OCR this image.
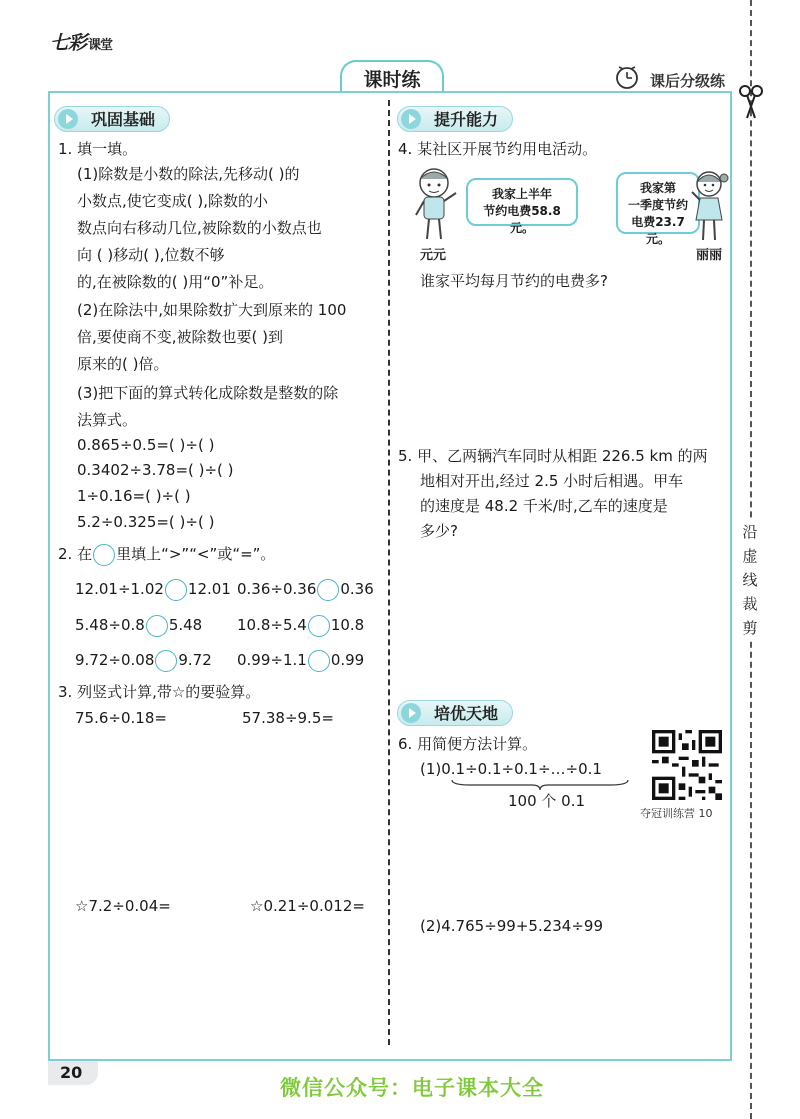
七彩 课堂
课时练	课后分级练
沿
虚
线
裁
剪
巩固基础
1. 填一填。
(1)除数是小数的除法,先移动( )的
小数点,使它变成( ),除数的小
数点向右移动几位,被除数的小数点也
向 ( )移动( ),位数不够
的,在被除数的( )用“0”补足。
(2)在除法中,如果除数扩大到原来的 100
倍,要使商不变,被除数也要( )到
原来的( )倍。
(3)把下面的算式转化成除数是整数的除
法算式。
0.865÷0.5=( )÷( )
0.3402÷3.78=( )÷( )
1÷0.16=( )÷( )
5.2÷0.325=( )÷( )
2. 在 里填上“>”“<”或“=”。
12.01÷1.02 12.01 0.36÷0.36 0.36
5.48÷0.8 5.48 10.8÷5.4 10.8
9.72÷0.08 9.72 0.99÷1.1 0.99
3. 列竖式计算,带☆的要验算。
75.6÷0.18=	57.38÷9.5=
☆7.2÷0.04=	☆0.21÷0.012=
提升能力
4. 某社区开展节约用电活动。
我家上半年
节约电费58.8元。
我家第
一季度节约
电费23.7元。
元元	丽丽
谁家平均每月节约的电费多?
5. 甲、乙两辆汽车同时从相距 226.5 km 的两
地相对开出,经过 2.5 小时后相遇。甲车
的速度是 48.2 千米/时,乙车的速度是
多少?
培优天地
6. 用简便方法计算。
(1)0.1÷0.1÷0.1÷…÷0.1
100 个 0.1
(2)4.765÷99+5.234÷99
夺冠训练营 10
20
微信公众号：电子课本大全
